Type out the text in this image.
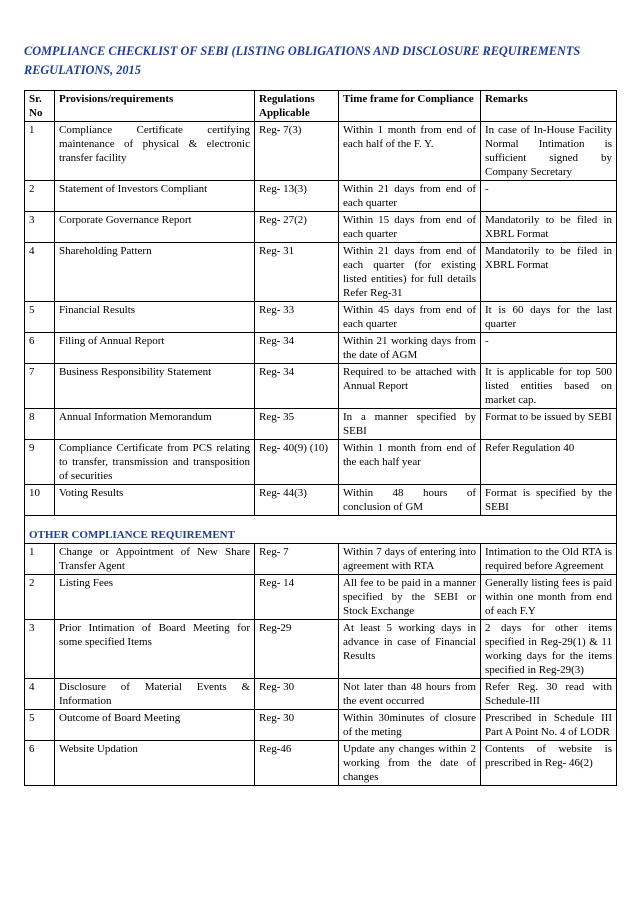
COMPLIANCE CHECKLIST OF SEBI (LISTING OBLIGATIONS AND DISCLOSURE REQUIREMENTS REGULATIONS, 2015
Sr. No	Provisions/requirements	Regulations Applicable	Time frame for Compliance	Remarks
1	Compliance Certificate certifying maintenance of physical & electronic transfer facility	Reg- 7(3)	Within 1 month from end of each half of the F. Y.	In case of In-House Facility Normal Intimation is sufficient signed by Company Secretary
2	Statement of Investors Compliant	Reg- 13(3)	Within 21 days from end of each quarter	-
3	Corporate Governance Report	Reg- 27(2)	Within 15 days from end of each quarter	Mandatorily to be filed in XBRL Format
4	Shareholding Pattern	Reg- 31	Within 21 days from end of each quarter (for existing listed entities) for full details Refer Reg-31	Mandatorily to be filed in XBRL Format
5	Financial Results	Reg- 33	Within 45 days from end of each quarter	It is 60 days for the last quarter
6	Filing of Annual Report	Reg- 34	Within 21 working days from the date of AGM	-
7	Business Responsibility Statement	Reg- 34	Required to be attached with Annual Report	It is applicable for top 500 listed entities based on market cap.
8	Annual Information Memorandum	Reg- 35	In a manner specified by SEBI	Format to be issued by SEBI
9	Compliance Certificate from PCS relating to transfer, transmission and transposition of securities	Reg- 40(9) (10)	Within 1 month from end of the each half year	Refer Regulation 40
10	Voting Results	Reg- 44(3)	Within 48 hours of conclusion of GM	Format is specified by the SEBI

OTHER COMPLIANCE REQUIREMENT				

1	Change or Appointment of New Share Transfer Agent	Reg- 7	Within 7 days of entering into agreement with RTA	Intimation to the Old RTA is required before Agreement
2	Listing Fees	Reg- 14	All fee to be paid in a manner specified by the SEBI or Stock Exchange	Generally listing fees is paid within one month from end of each F.Y
3	Prior Intimation of Board Meeting for some specified Items	Reg-29	At least 5 working days in advance in case of Financial Results	2 days for other items specified in Reg-29(1) & 11 working days for the items specified in Reg-29(3)
4	Disclosure of Material Events & Information	Reg- 30	Not later than 48 hours from the event occurred	Refer Reg. 30 read with Schedule-III
5	Outcome of Board Meeting	Reg- 30	Within 30minutes of closure of the meting	Prescribed in Schedule III Part A Point No. 4 of LODR
6	Website Updation	Reg-46	Update any changes within 2 working from the date of changes	Contents of website is prescribed in Reg- 46(2)
